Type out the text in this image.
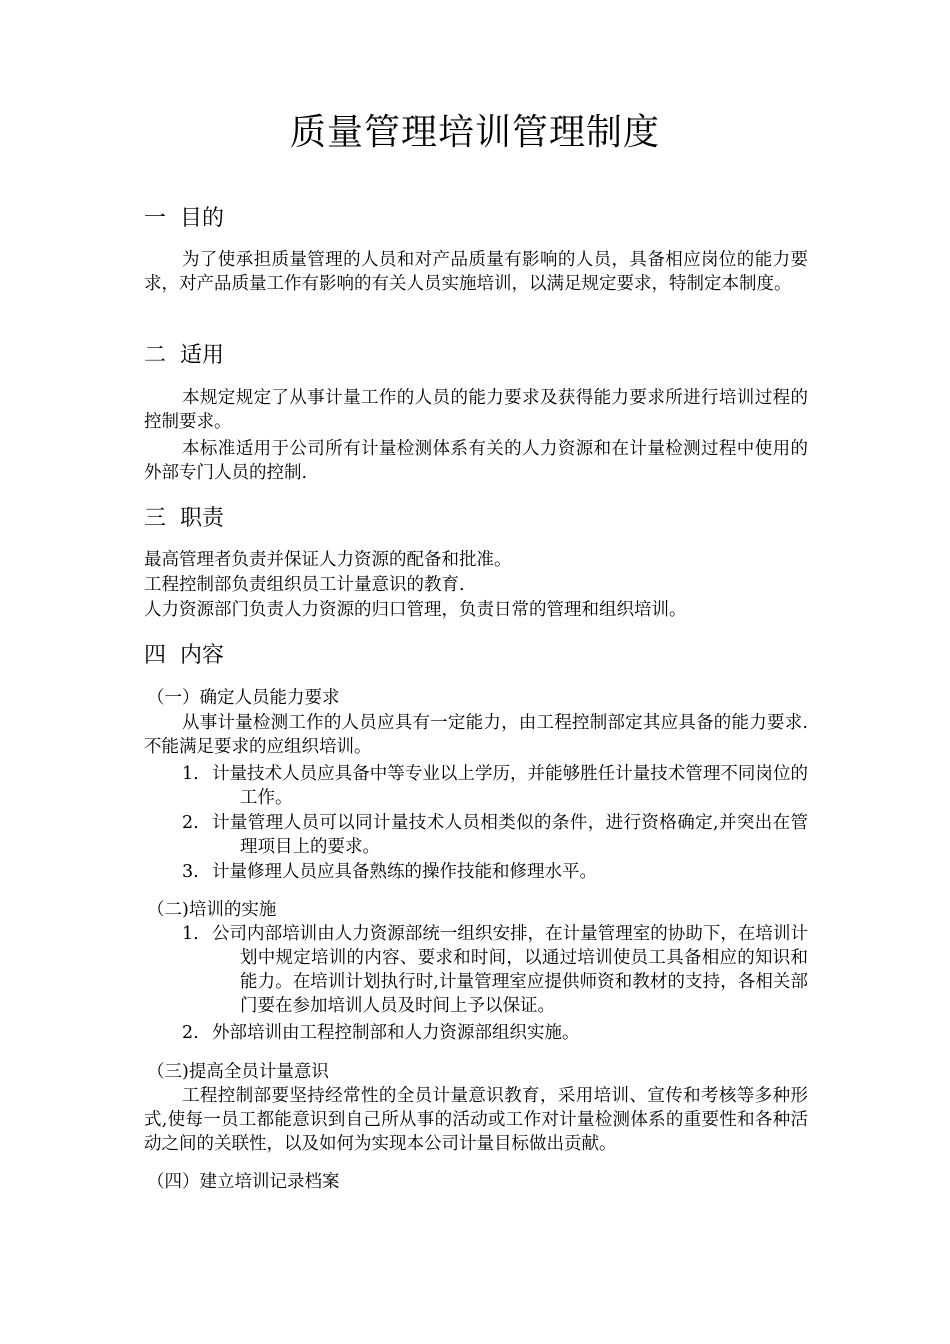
质量管理培训管理制度
一 目的

为了使承担质量管理的人员和对产品质量有影响的人员，具备相应岗位的能力要求，对产品质量工作有影响的有关人员实施培训，以满足规定要求，特制定本制度。

二 适用

本规定规定了从事计量工作的人员的能力要求及获得能力要求所进行培训过程的控制要求。

本标准适用于公司所有计量检测体系有关的人力资源和在计量检测过程中使用的外部专门人员的控制.

三 职责

最高管理者负责并保证人力资源的配备和批准。

工程控制部负责组织员工计量意识的教育.

人力资源部门负责人力资源的归口管理，负责日常的管理和组织培训。

四 内容

（一）确定人员能力要求

从事计量检测工作的人员应具有一定能力，由工程控制部定其应具备的能力要求.不能满足要求的应组织培训。

1. 计量技术人员应具备中等专业以上学历，并能够胜任计量技术管理不同岗位的工作。
2. 计量管理人员可以同计量技术人员相类似的条件，进行资格确定,并突出在管理项目上的要求。
3. 计量修理人员应具备熟练的操作技能和修理水平。

（二)培训的实施

1. 公司内部培训由人力资源部统一组织安排，在计量管理室的协助下，在培训计划中规定培训的内容、要求和时间，以通过培训使员工具备相应的知识和能力。在培训计划执行时,计量管理室应提供师资和教材的支持，各相关部门要在参加培训人员及时间上予以保证。
2. 外部培训由工程控制部和人力资源部组织实施。

（三)提高全员计量意识

工程控制部要坚持经常性的全员计量意识教育，采用培训、宣传和考核等多种形式,使每一员工都能意识到自己所从事的活动或工作对计量检测体系的重要性和各种活动之间的关联性，以及如何为实现本公司计量目标做出贡献。

（四）建立培训记录档案
